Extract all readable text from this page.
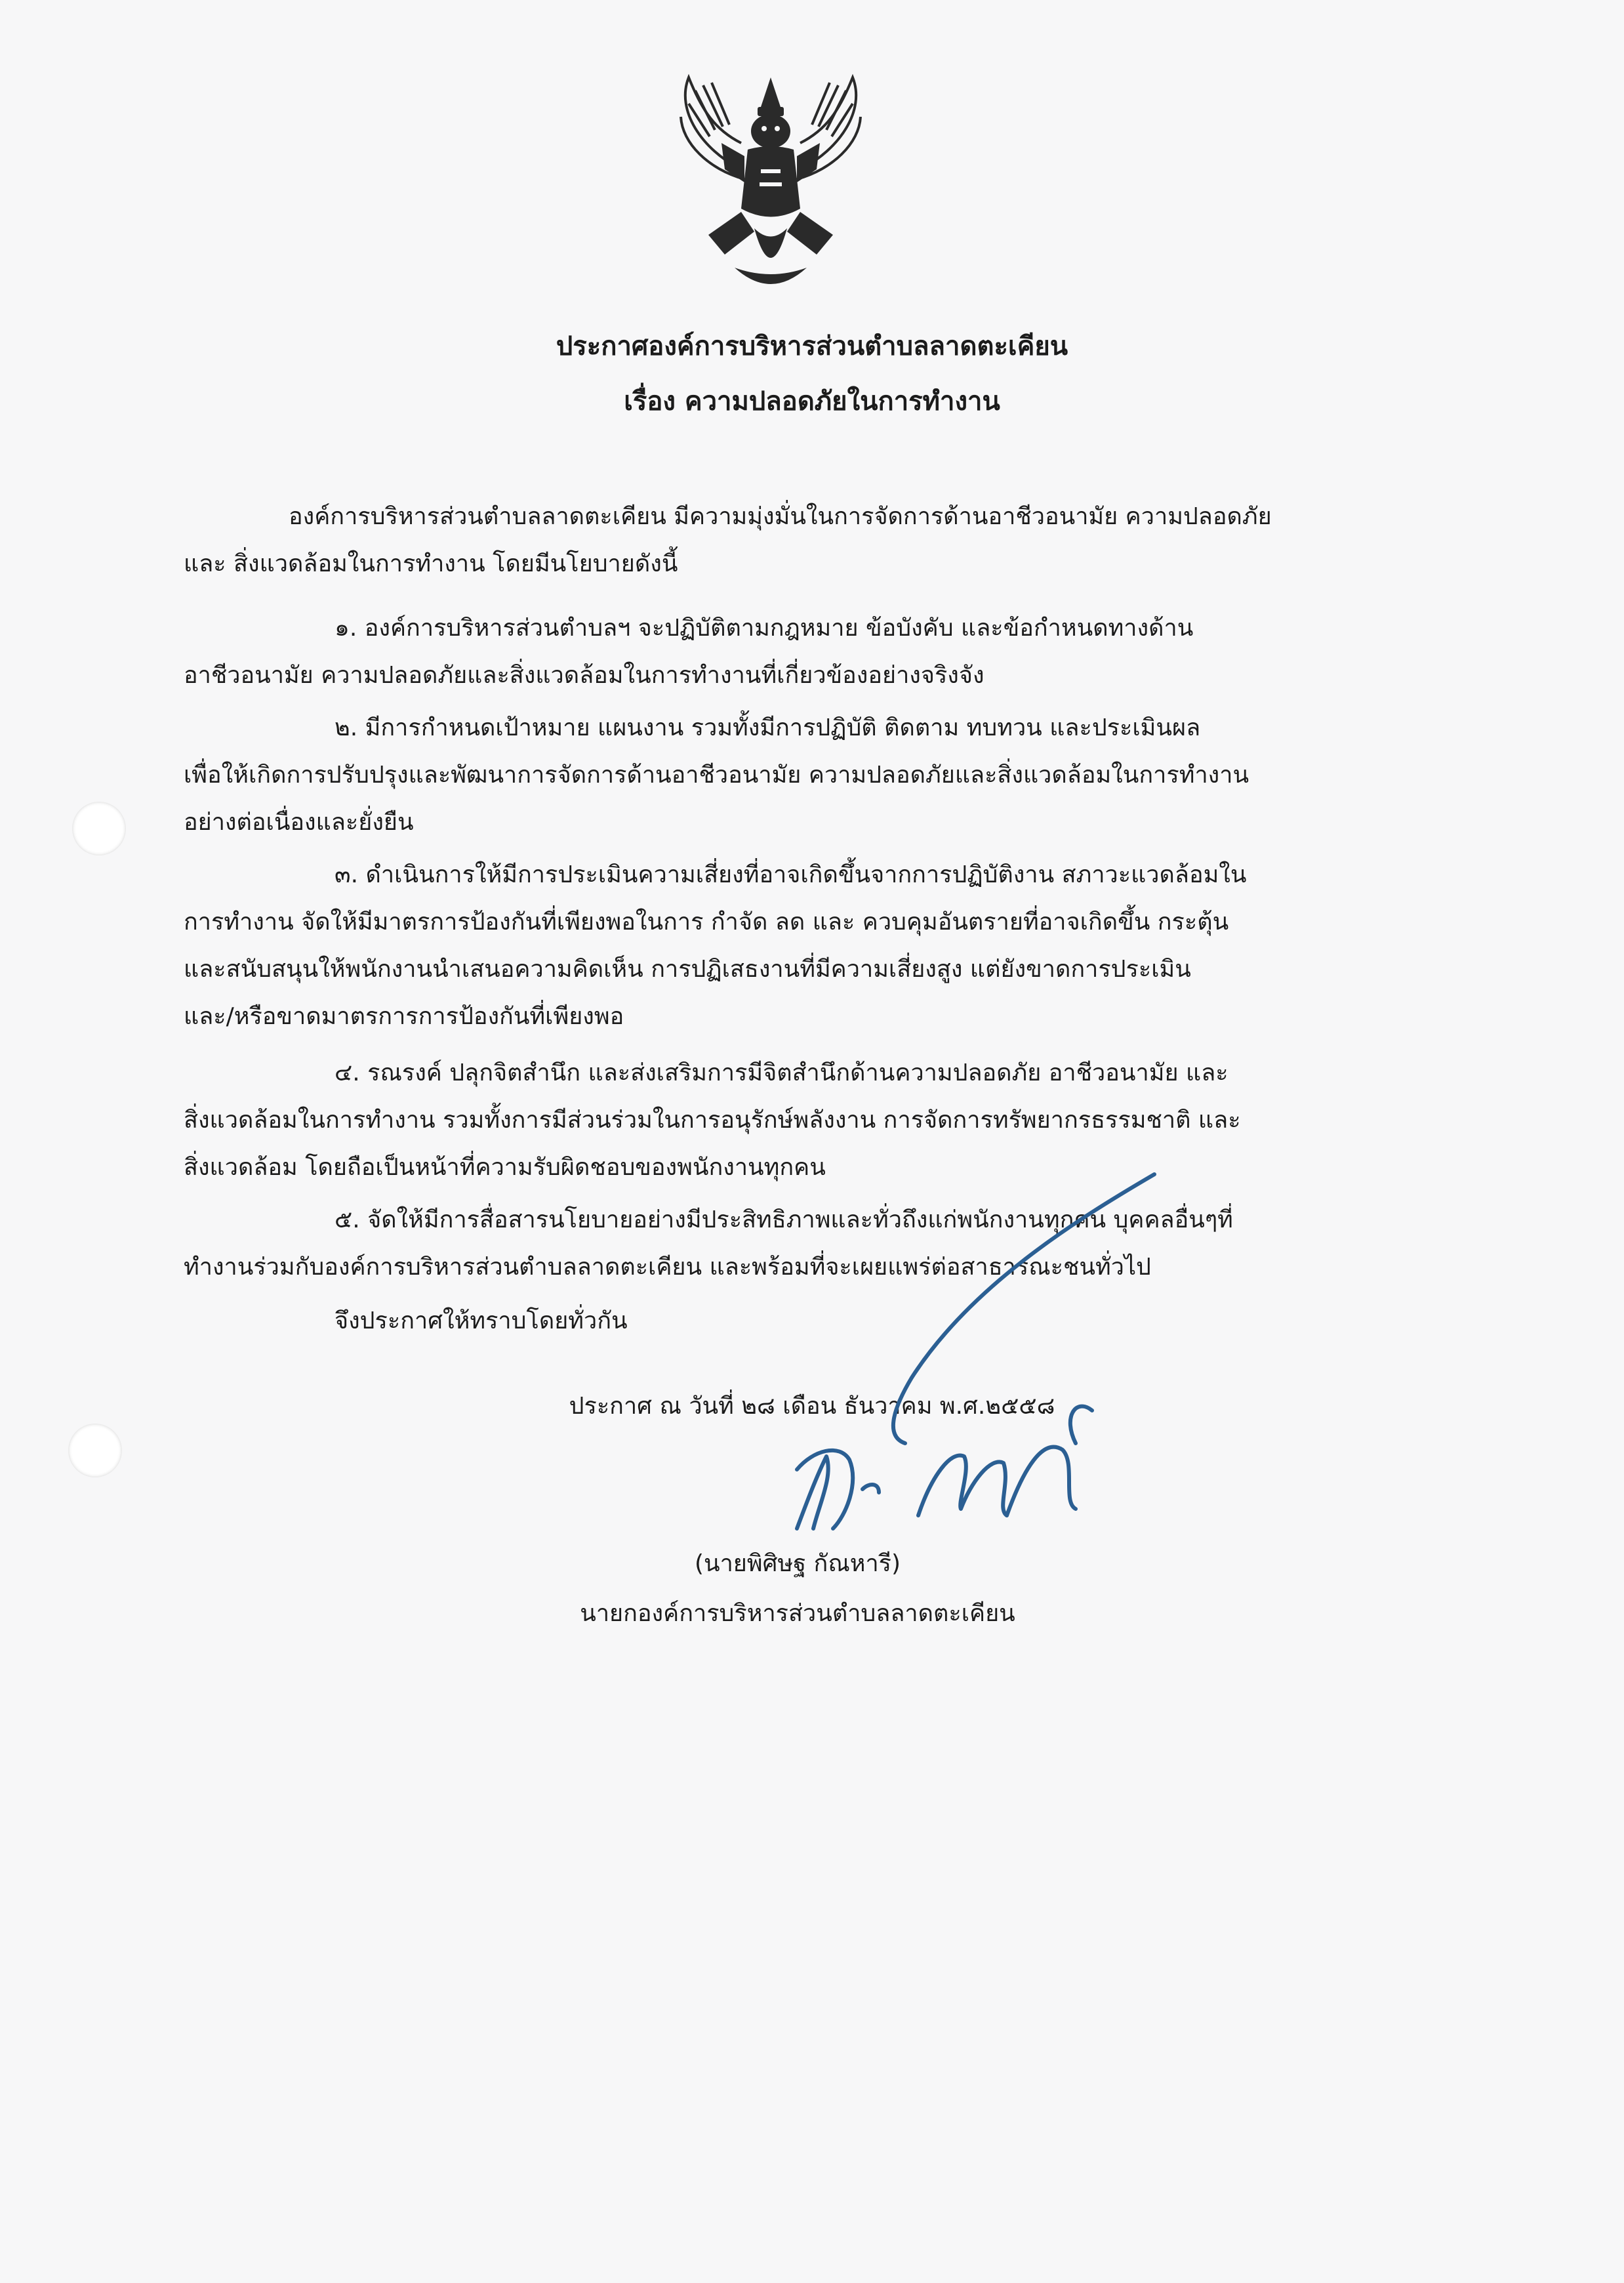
ประกาศองค์การบริหารส่วนตำบลลาดตะเคียน
เรื่อง ความปลอดภัยในการทำงาน
องค์การบริหารส่วนตำบลลาดตะเคียน มีความมุ่งมั่นในการจัดการด้านอาชีวอนามัย ความปลอดภัย
และ สิ่งแวดล้อมในการทำงาน โดยมีนโยบายดังนี้
๑. องค์การบริหารส่วนตำบลฯ จะปฏิบัติตามกฎหมาย ข้อบังคับ และข้อกำหนดทางด้าน
อาชีวอนามัย ความปลอดภัยและสิ่งแวดล้อมในการทำงานที่เกี่ยวข้องอย่างจริงจัง
๒. มีการกำหนดเป้าหมาย แผนงาน รวมทั้งมีการปฏิบัติ ติดตาม ทบทวน และประเมินผล
เพื่อให้เกิดการปรับปรุงและพัฒนาการจัดการด้านอาชีวอนามัย ความปลอดภัยและสิ่งแวดล้อมในการทำงาน
อย่างต่อเนื่องและยั่งยืน
๓. ดำเนินการให้มีการประเมินความเสี่ยงที่อาจเกิดขึ้นจากการปฏิบัติงาน สภาวะแวดล้อมใน
การทำงาน จัดให้มีมาตรการป้องกันที่เพียงพอในการ กำจัด ลด และ ควบคุมอันตรายที่อาจเกิดขึ้น กระตุ้น
และสนับสนุนให้พนักงานนำเสนอความคิดเห็น การปฏิเสธงานที่มีความเสี่ยงสูง แต่ยังขาดการประเมิน
และ/หรือขาดมาตรการการป้องกันที่เพียงพอ
๔. รณรงค์ ปลุกจิตสำนึก และส่งเสริมการมีจิตสำนึกด้านความปลอดภัย อาชีวอนามัย และ
สิ่งแวดล้อมในการทำงาน รวมทั้งการมีส่วนร่วมในการอนุรักษ์พลังงาน การจัดการทรัพยากรธรรมชาติ และ
สิ่งแวดล้อม โดยถือเป็นหน้าที่ความรับผิดชอบของพนักงานทุกคน
๕. จัดให้มีการสื่อสารนโยบายอย่างมีประสิทธิภาพและทั่วถึงแก่พนักงานทุกคน บุคคลอื่นๆที่
ทำงานร่วมกับองค์การบริหารส่วนตำบลลาดตะเคียน และพร้อมที่จะเผยแพร่ต่อสาธารณะชนทั่วไป
จึงประกาศให้ทราบโดยทั่วกัน
ประกาศ ณ วันที่ ๒๘ เดือน ธันวาคม พ.ศ.๒๕๕๘
(นายพิศิษฐ กัณหารี)
นายกองค์การบริหารส่วนตำบลลาดตะเคียน
